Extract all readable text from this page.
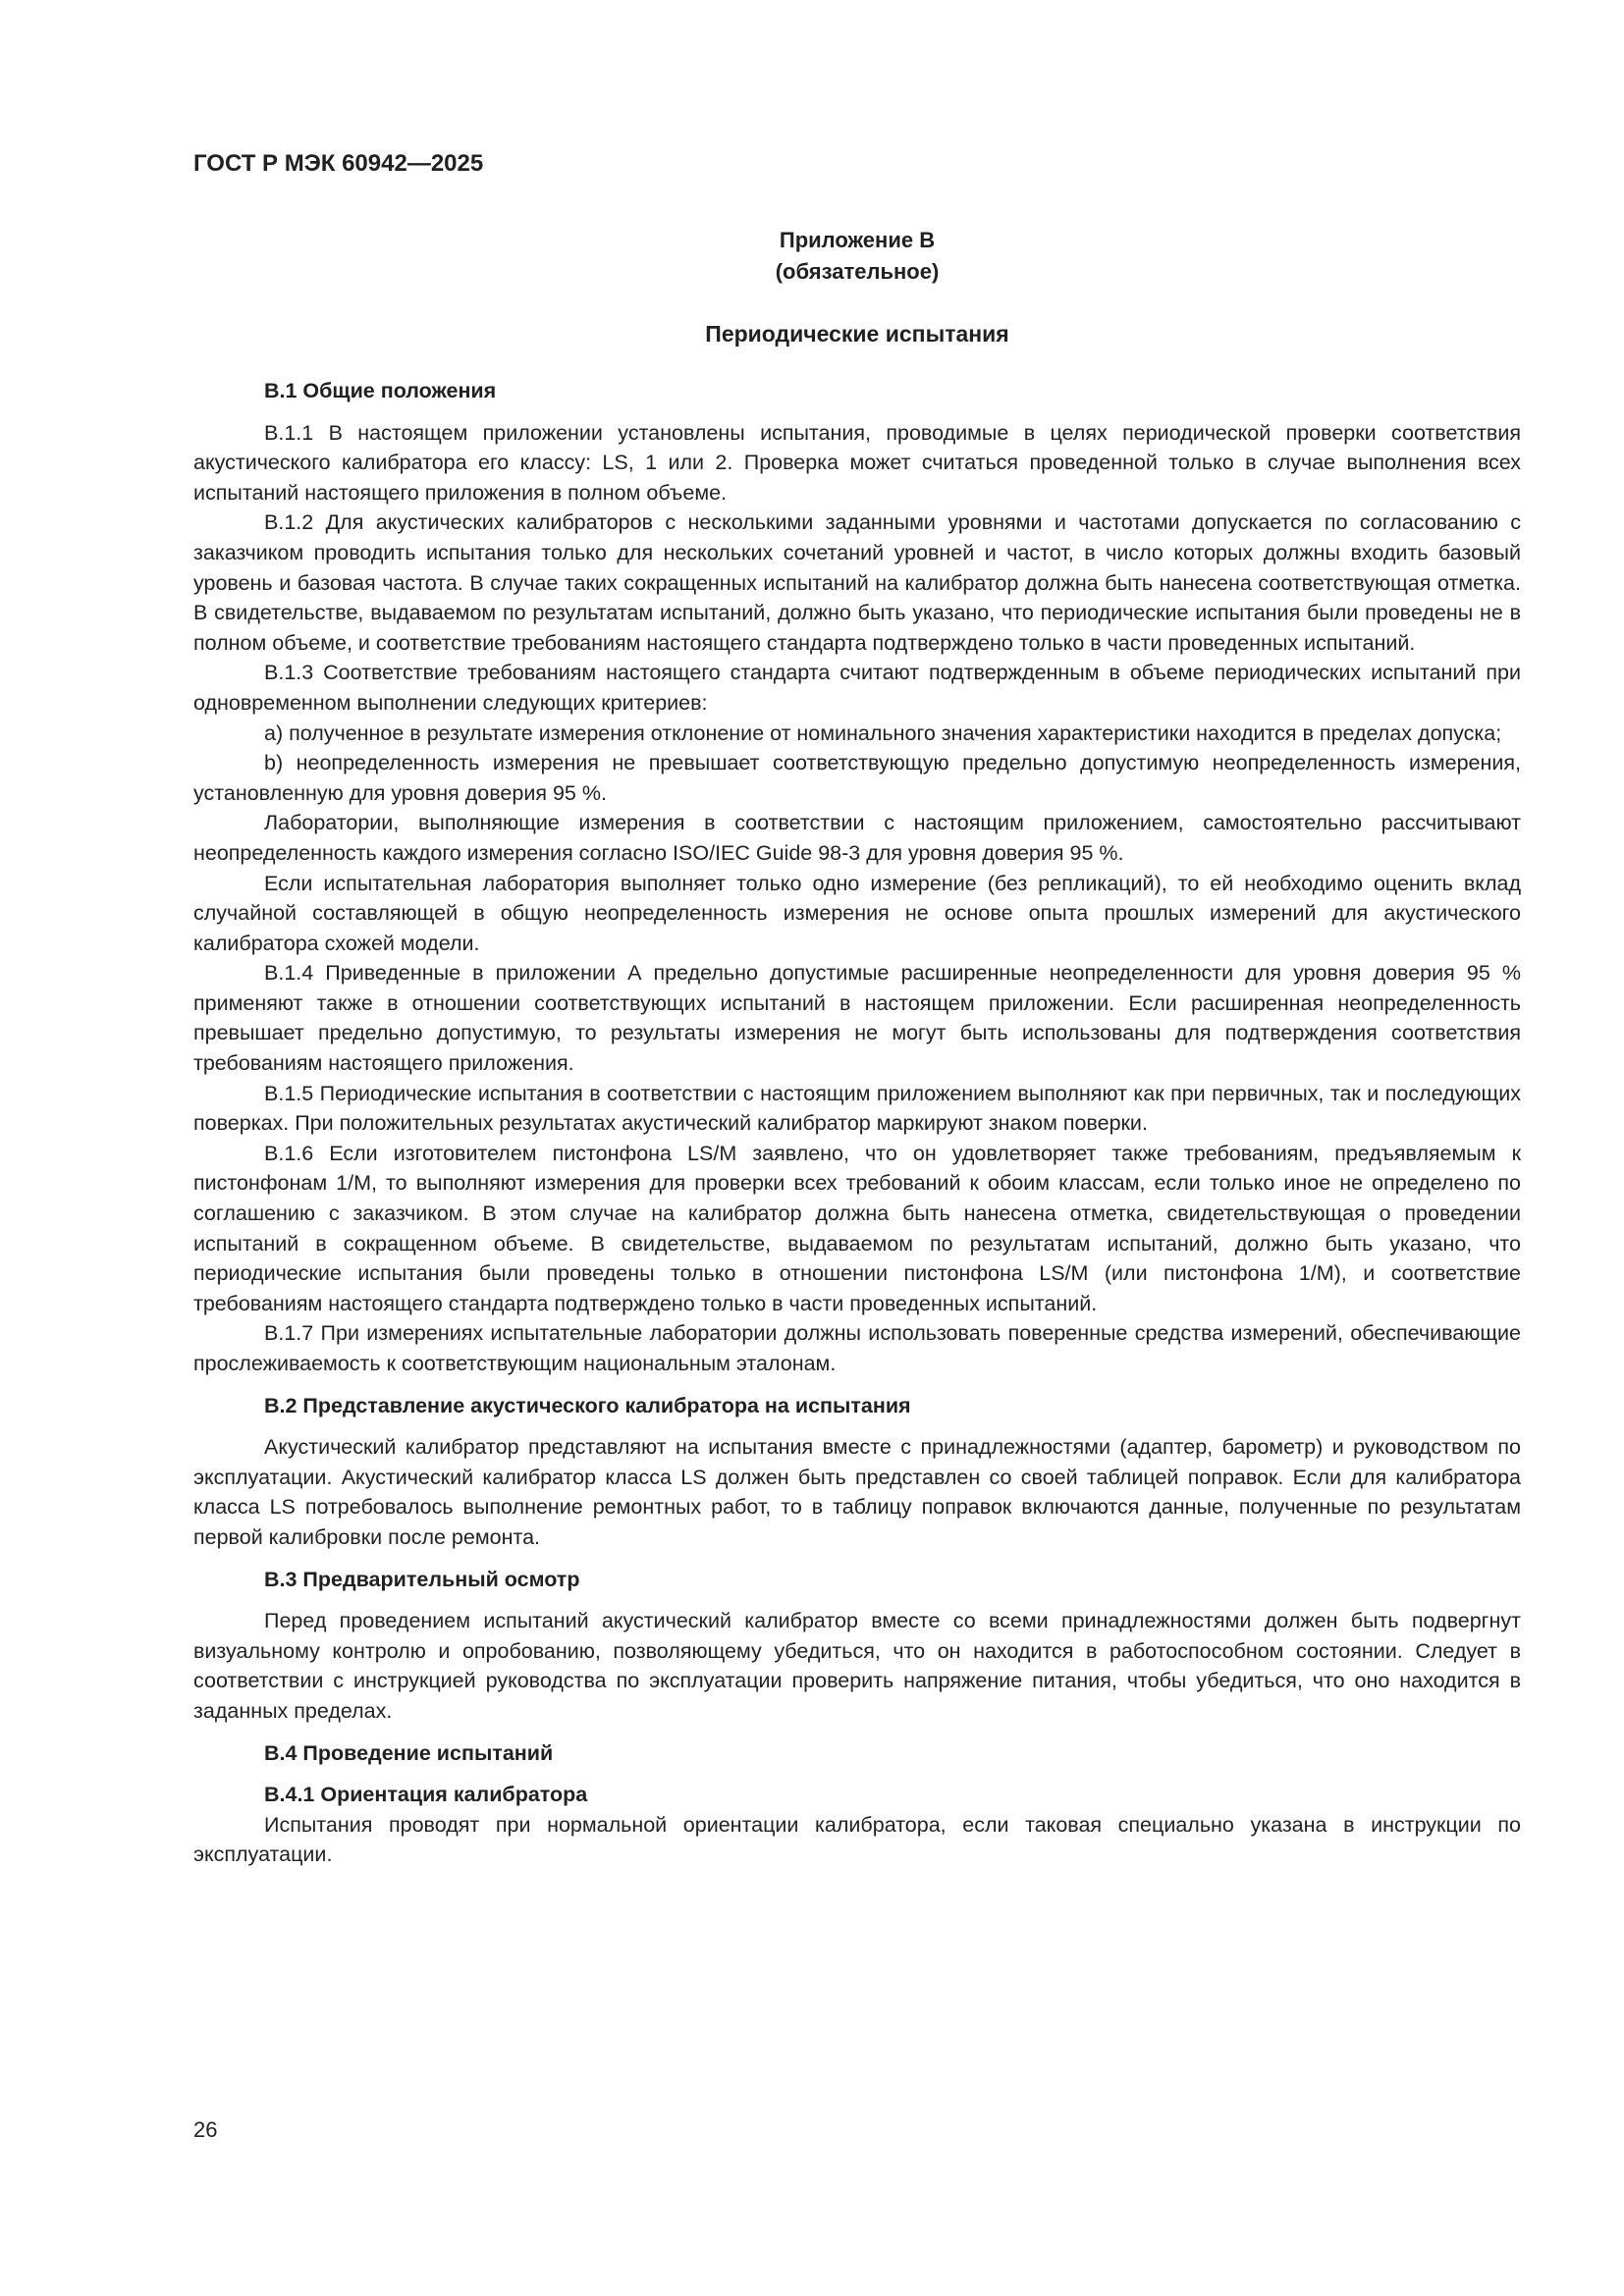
ГОСТ Р МЭК 60942—2025

Приложение В

(обязательное)

Периодические испытания

В.1 Общие положения

В.1.1 В настоящем приложении установлены испытания, проводимые в целях периодической проверки соответствия акустического калибратора его классу: LS, 1 или 2. Проверка может считаться проведенной только в случае выполнения всех испытаний настоящего приложения в полном объеме.

В.1.2 Для акустических калибраторов с несколькими заданными уровнями и частотами допускается по согласованию с заказчиком проводить испытания только для нескольких сочетаний уровней и частот, в число которых должны входить базовый уровень и базовая частота. В случае таких сокращенных испытаний на калибратор должна быть нанесена соответствующая отметка. В свидетельстве, выдаваемом по результатам испытаний, должно быть указано, что периодические испытания были проведены не в полном объеме, и соответствие требованиям настоящего стандарта подтверждено только в части проведенных испытаний.

В.1.3 Соответствие требованиям настоящего стандарта считают подтвержденным в объеме периодических испытаний при одновременном выполнении следующих критериев:

a) полученное в результате измерения отклонение от номинального значения характеристики находится в пределах допуска;

b) неопределенность измерения не превышает соответствующую предельно допустимую неопределенность измерения, установленную для уровня доверия 95 %.

Лаборатории, выполняющие измерения в соответствии с настоящим приложением, самостоятельно рассчитывают неопределенность каждого измерения согласно ISO/IEC Guide 98-3 для уровня доверия 95 %.

Если испытательная лаборатория выполняет только одно измерение (без репликаций), то ей необходимо оценить вклад случайной составляющей в общую неопределенность измерения не основе опыта прошлых измерений для акустического калибратора схожей модели.

В.1.4 Приведенные в приложении А предельно допустимые расширенные неопределенности для уровня доверия 95 % применяют также в отношении соответствующих испытаний в настоящем приложении. Если расширенная неопределенность превышает предельно допустимую, то результаты измерения не могут быть использованы для подтверждения соответствия требованиям настоящего приложения.

В.1.5 Периодические испытания в соответствии с настоящим приложением выполняют как при первичных, так и последующих поверках. При положительных результатах акустический калибратор маркируют знаком поверки.

В.1.6 Если изготовителем пистонфона LS/M заявлено, что он удовлетворяет также требованиям, предъявляемым к пистонфонам 1/M, то выполняют измерения для проверки всех требований к обоим классам, если только иное не определено по соглашению с заказчиком. В этом случае на калибратор должна быть нанесена отметка, свидетельствующая о проведении испытаний в сокращенном объеме. В свидетельстве, выдаваемом по результатам испытаний, должно быть указано, что периодические испытания были проведены только в отношении пистонфона LS/M (или пистонфона 1/M), и соответствие требованиям настоящего стандарта подтверждено только в части проведенных испытаний.

В.1.7 При измерениях испытательные лаборатории должны использовать поверенные средства измерений, обеспечивающие прослеживаемость к соответствующим национальным эталонам.

В.2 Представление акустического калибратора на испытания

Акустический калибратор представляют на испытания вместе с принадлежностями (адаптер, барометр) и руководством по эксплуатации. Акустический калибратор класса LS должен быть представлен со своей таблицей поправок. Если для калибратора класса LS потребовалось выполнение ремонтных работ, то в таблицу поправок включаются данные, полученные по результатам первой калибровки после ремонта.

В.3 Предварительный осмотр

Перед проведением испытаний акустический калибратор вместе со всеми принадлежностями должен быть подвергнут визуальному контролю и опробованию, позволяющему убедиться, что он находится в работоспособном состоянии. Следует в соответствии с инструкцией руководства по эксплуатации проверить напряжение питания, чтобы убедиться, что оно находится в заданных пределах.

В.4 Проведение испытаний
В.4.1 Ориентация калибратора

Испытания проводят при нормальной ориентации калибратора, если таковая специально указана в инструкции по эксплуатации.

26
